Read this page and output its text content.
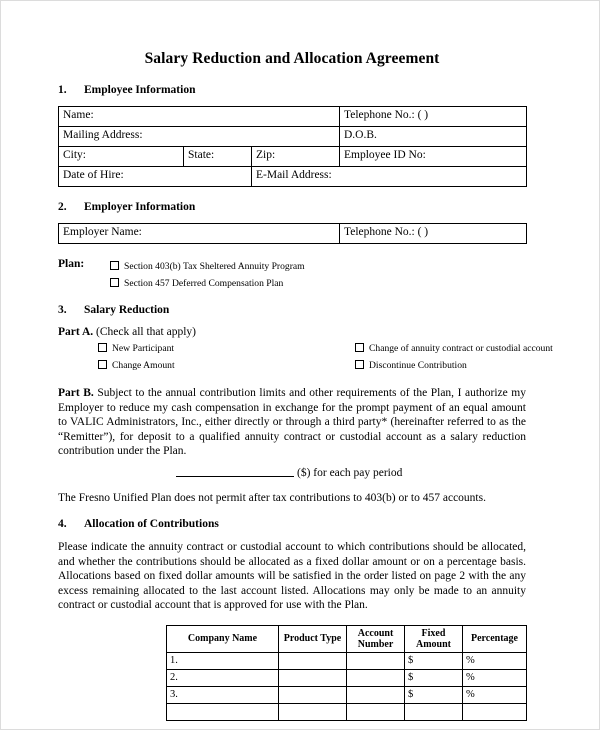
Salary Reduction and Allocation Agreement
1. Employee Information
Name:			Telephone No.: ( )
Mailing Address:			D.O.B.
City:	State:	Zip:	Employee ID No:
Date of Hire:		E-Mail Address:	
2. Employer Information
Employer Name:	Telephone No.: ( )
Plan:	Section 403(b) Tax Sheltered Annuity Program
Section 457 Deferred Compensation Plan
3. Salary Reduction
Part A. (Check all that apply)
New Participant	Change of annuity contract or custodial account
Change Amount	Discontinue Contribution

Part B. Subject to the annual contribution limits and other requirements of the Plan, I authorize my Employer to reduce my cash compensation in exchange for the prompt payment of an equal amount to VALIC Administrators, Inc., either directly or through a third party* (hereinafter referred to as the “Remitter”), for deposit to a qualified annuity contract or custodial account as a salary reduction contribution under the Plan.

($) for each pay period

The Fresno Unified Plan does not permit after tax contributions to 403(b) or to 457 accounts.

4. Allocation of Contributions

Please indicate the annuity contract or custodial account to which contributions should be allocated, and whether the contributions should be allocated as a fixed dollar amount or on a percentage basis. Allocations based on fixed dollar amounts will be satisfied in the order listed on page 2 with the any excess remaining allocated to the last account listed. Allocations may only be made to an annuity contract or custodial account that is approved for use with the Plan.

Company Name	Product Type	Account Number	Fixed Amount	Percentage
1.			$	%
2.			$	%
3.			$	%
